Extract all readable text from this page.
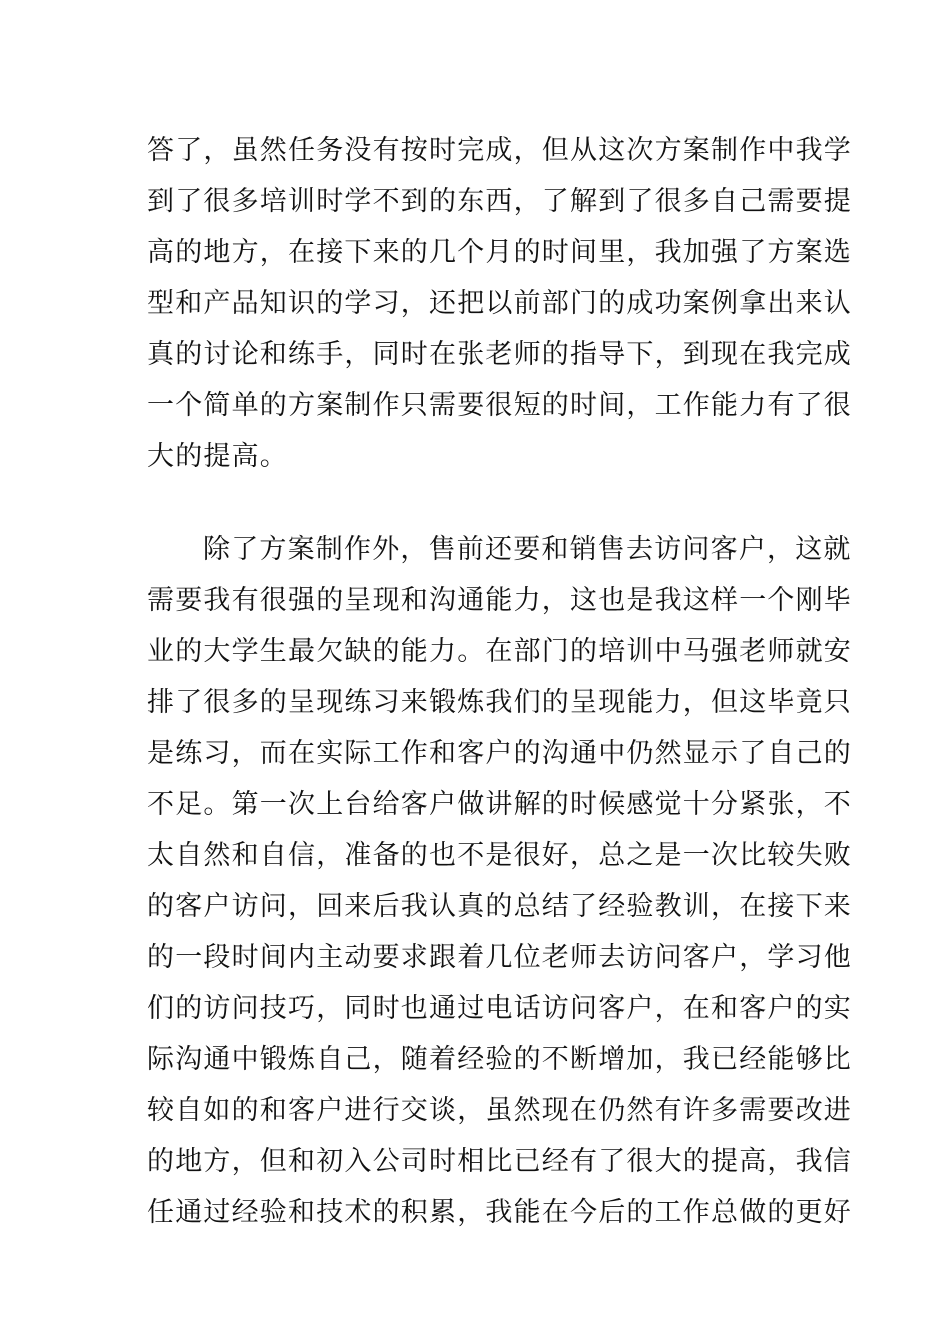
答了，虽然任务没有按时完成，但从这次方案制作中我学
到了很多培训时学不到的东西，了解到了很多自己需要提
高的地方，在接下来的几个月的时间里，我加强了方案选
型和产品知识的学习，还把以前部门的成功案例拿出来认
真的讨论和练手，同时在张老师的指导下，到现在我完成
一个简单的方案制作只需要很短的时间，工作能力有了很
大的提高。
除了方案制作外，售前还要和销售去访问客户，这就
需要我有很强的呈现和沟通能力，这也是我这样一个刚毕
业的大学生最欠缺的能力。在部门的培训中马强老师就安
排了很多的呈现练习来锻炼我们的呈现能力，但这毕竟只
是练习，而在实际工作和客户的沟通中仍然显示了自己的
不足。第一次上台给客户做讲解的时候感觉十分紧张，不
太自然和自信，准备的也不是很好，总之是一次比较失败
的客户访问，回来后我认真的总结了经验教训，在接下来
的一段时间内主动要求跟着几位老师去访问客户，学习他
们的访问技巧，同时也通过电话访问客户，在和客户的实
际沟通中锻炼自己，随着经验的不断增加，我已经能够比
较自如的和客户进行交谈，虽然现在仍然有许多需要改进
的地方，但和初入公司时相比已经有了很大的提高，我信
任通过经验和技术的积累，我能在今后的工作总做的更好
